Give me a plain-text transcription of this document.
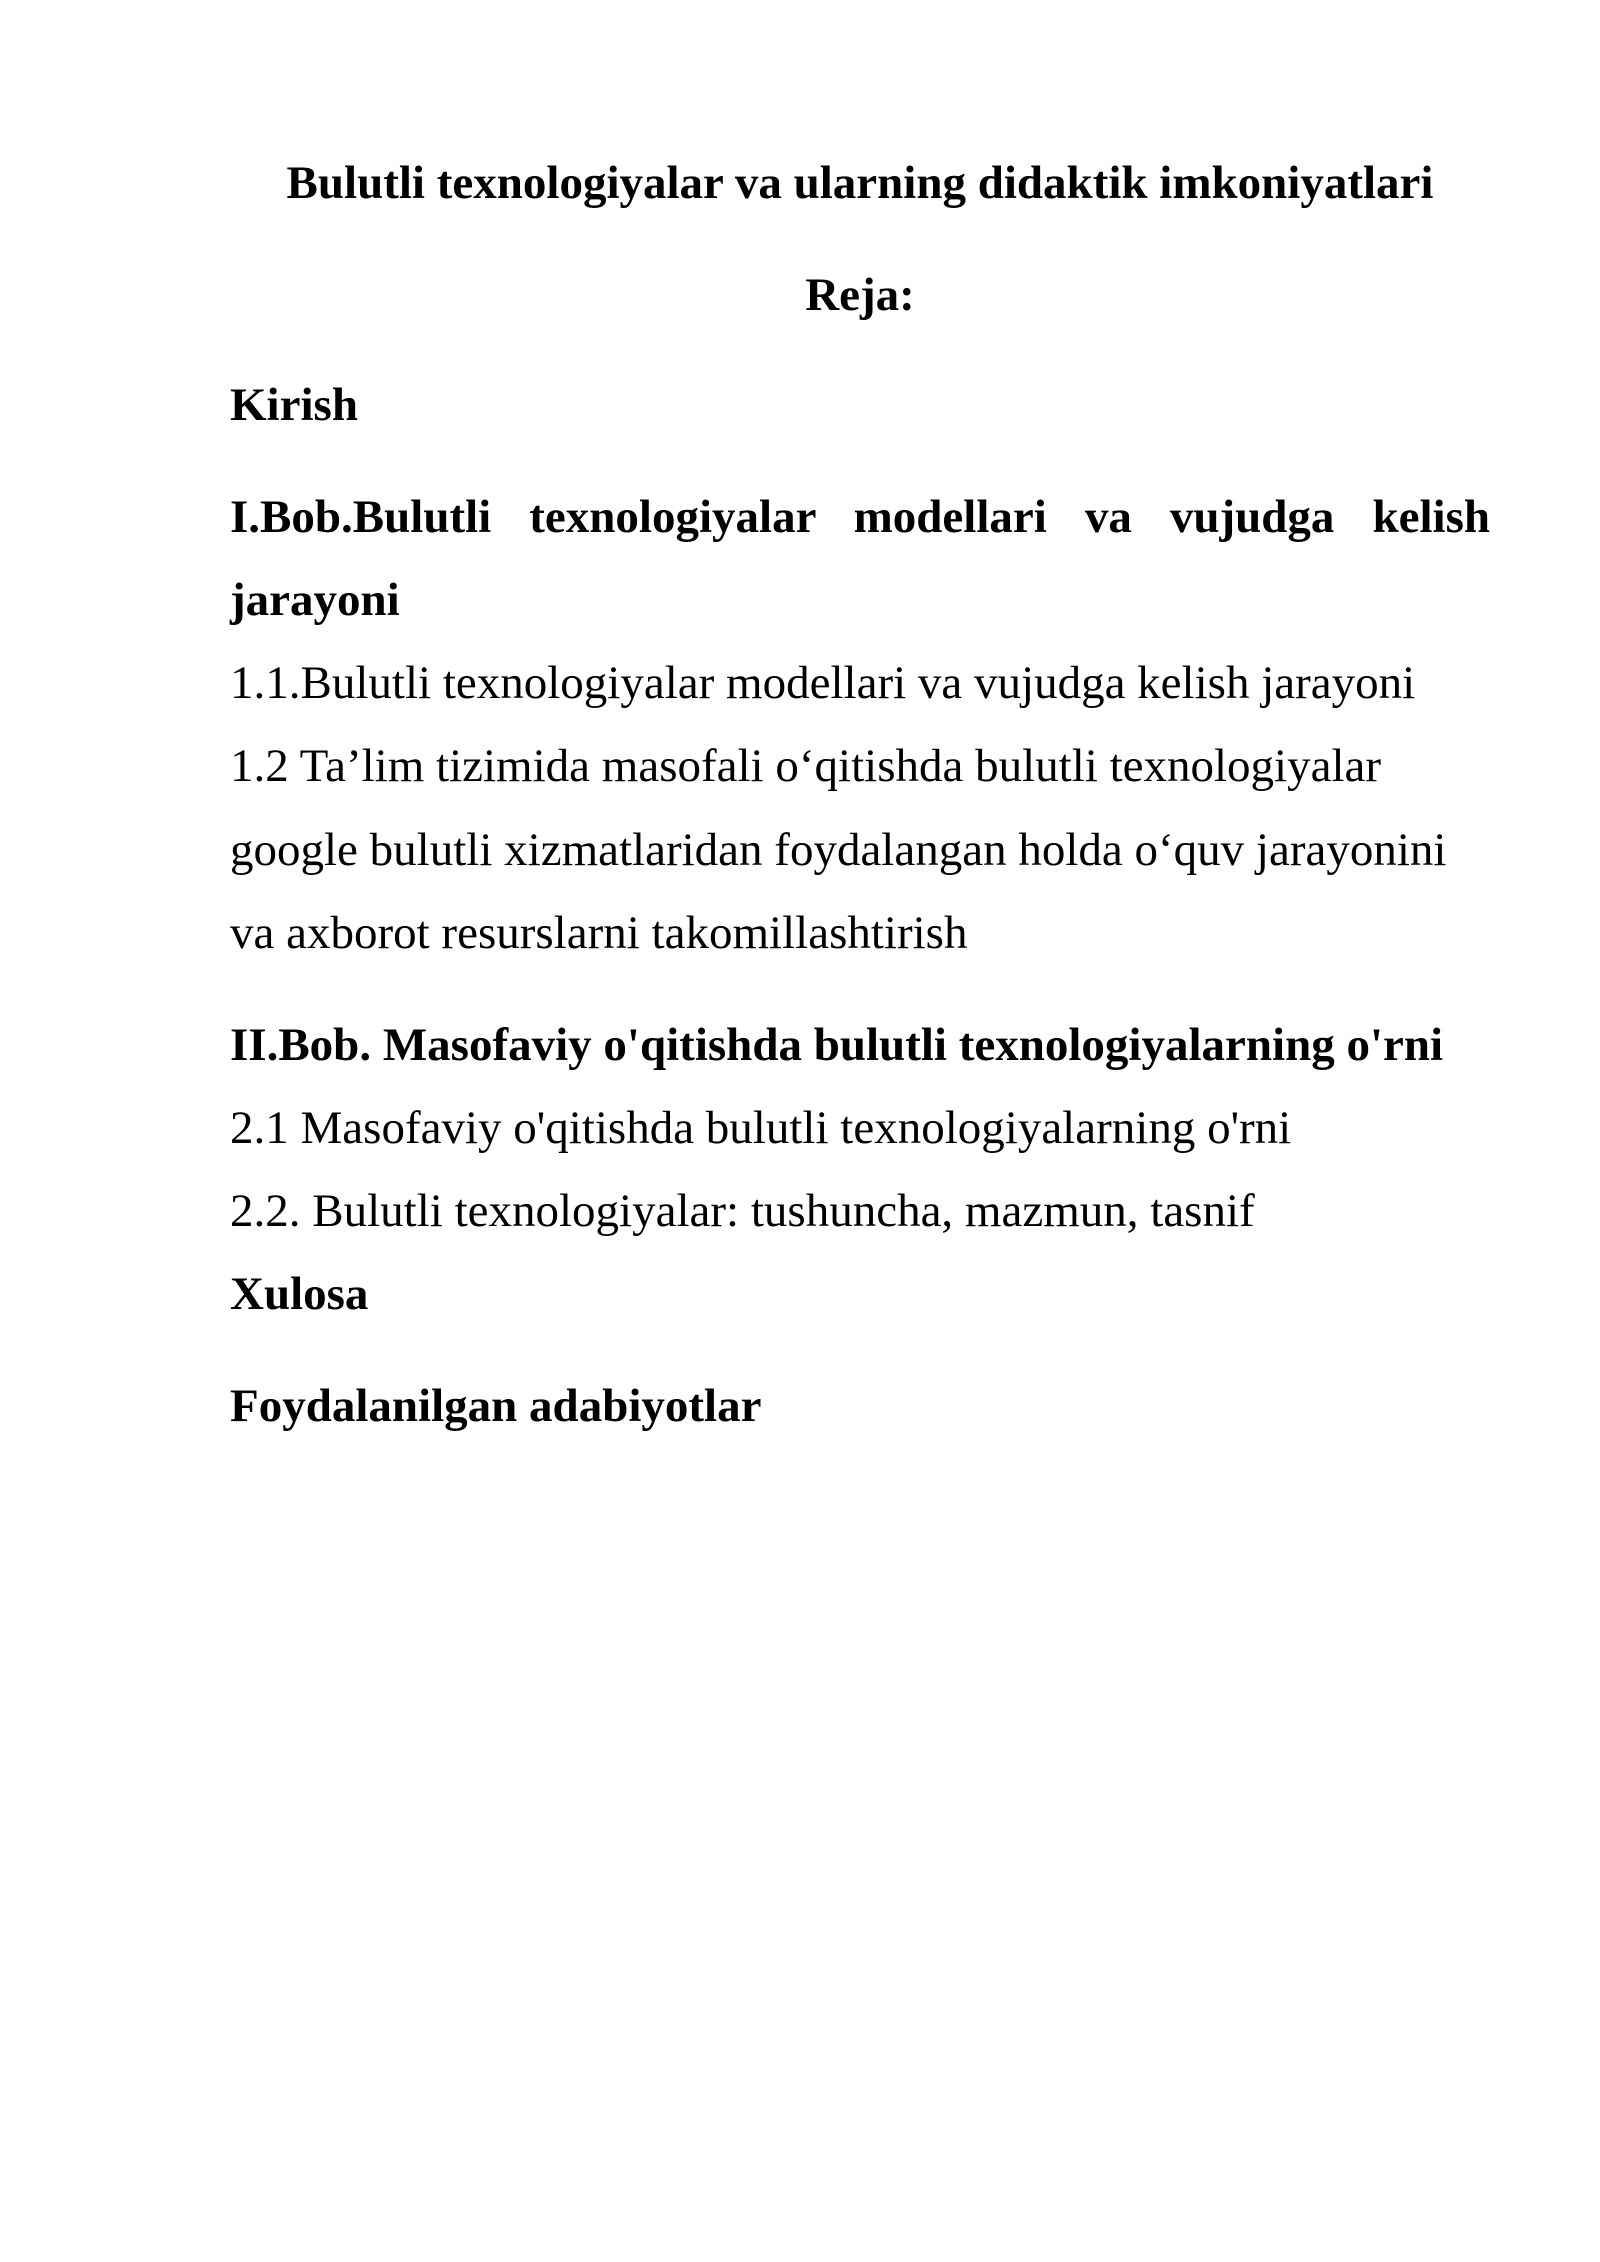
Bulutli texnologiyalar va ularning didaktik imkoniyatlari
Reja:
Kirish
I.Bob.Bulutli texnologiyalar modellari va vujudga kelish
jarayoni
1.1.Bulutli texnologiyalar modellari va vujudga kelish jarayoni
1.2 Ta’lim tizimida masofali o‘qitishda bulutli texnologiyalar
google bulutli xizmatlaridan foydalangan holda o‘quv jarayonini
va axborot resurslarni takomillashtirish
II.Bob. Masofaviy o'qitishda bulutli texnologiyalarning o'rni
2.1 Masofaviy o'qitishda bulutli texnologiyalarning o'rni
2.2. Bulutli texnologiyalar: tushuncha, mazmun, tasnif
Xulosa
Foydalanilgan adabiyotlar
